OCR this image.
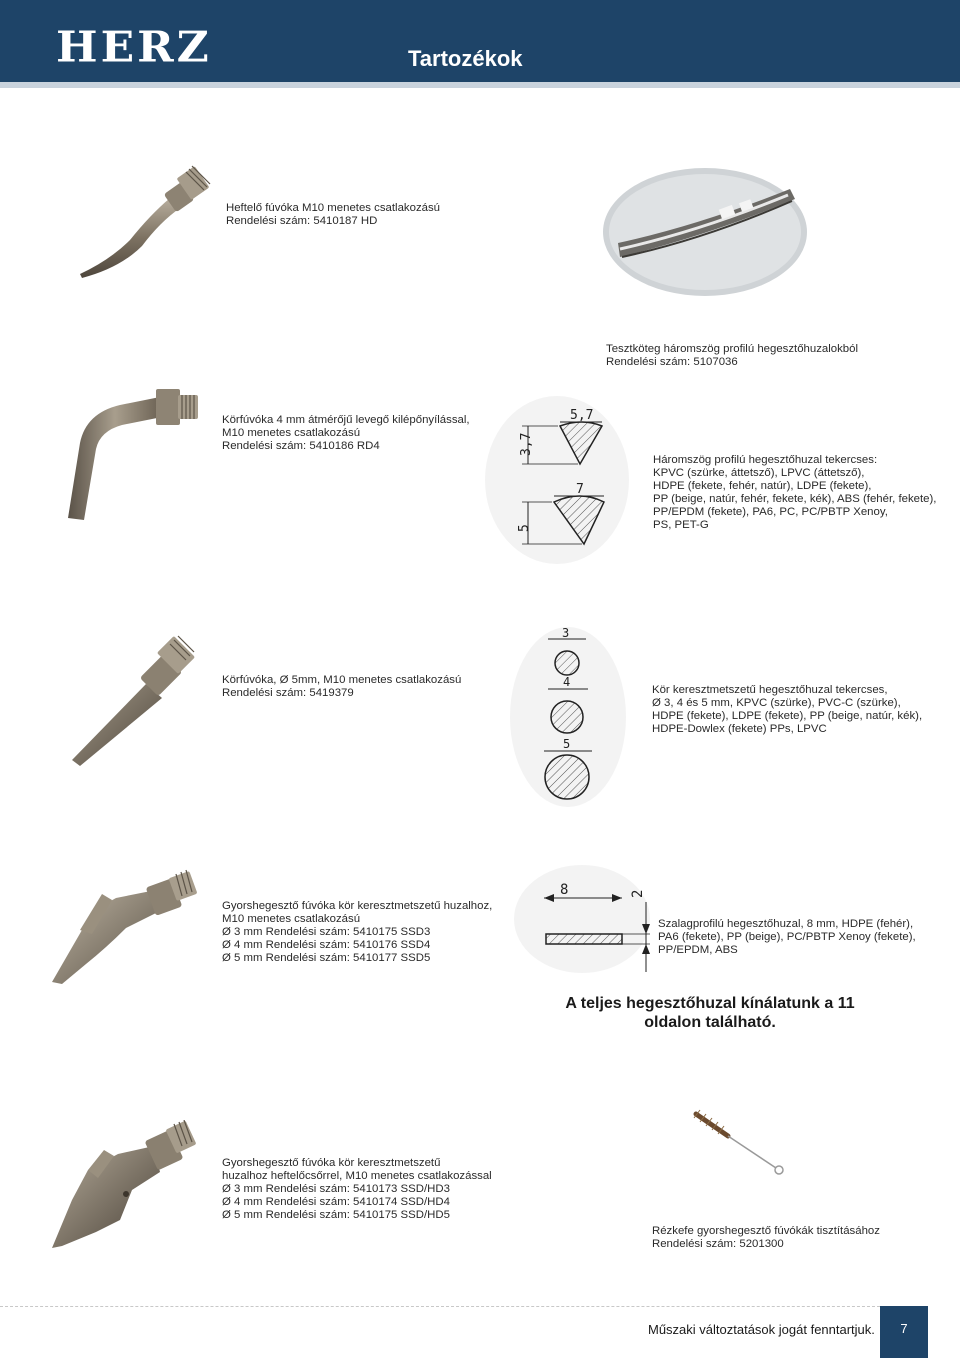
HERZ	Tartozékok

Heftelő fúvóka M10 menetes csatlakozású
Rendelési szám: 5410187 HD

Tesztköteg háromszög profilú hegesztőhuzalokból
Rendelési szám: 5107036

Körfúvóka 4 mm átmérőjű levegő kilépőnyílással,
M10 menetes csatlakozású
Rendelési szám: 5410186 RD4

5,7
3,7
7
5

Háromszög profilú hegesztőhuzal tekercses:
KPVC (szürke, áttetsző), LPVC (áttetsző),
HDPE (fekete, fehér, natúr), LDPE (fekete),
PP (beige, natúr, fehér, fekete, kék), ABS (fehér, fekete),
PP/EPDM (fekete), PA6, PC, PC/PBTP Xenoy,
PS, PET-G

Körfúvóka, Ø 5mm, M10 menetes csatlakozású
Rendelési szám: 5419379

3
4
5

Kör keresztmetszetű hegesztőhuzal tekercses,
Ø 3, 4 és 5 mm, KPVC (szürke), PVC-C (szürke),
HDPE (fekete), LDPE (fekete), PP (beige, natúr, kék),
HDPE-Dowlex (fekete) PPs, LPVC

Gyorshegesztő fúvóka kör keresztmetszetű huzalhoz,
M10 menetes csatlakozású
Ø 3 mm Rendelési szám: 5410175 SSD3
Ø 4 mm Rendelési szám: 5410176 SSD4
Ø 5 mm Rendelési szám: 5410177 SSD5

8	2

Szalagprofilú hegesztőhuzal, 8 mm, HDPE (fehér),
PA6 (fekete), PP (beige), PC/PBTP Xenoy (fekete),
PP/EPDM, ABS

A teljes hegesztőhuzal kínálatunk a 11
oldalon található.

Gyorshegesztő fúvóka kör keresztmetszetű
huzalhoz heftelőcsőrrel, M10 menetes csatlakozással
Ø 3 mm Rendelési szám: 5410173 SSD/HD3
Ø 4 mm Rendelési szám: 5410174 SSD/HD4
Ø 5 mm Rendelési szám: 5410175 SSD/HD5

Rézkefe gyorshegesztő fúvókák tisztításához
Rendelési szám: 5201300

Műszaki változtatások jogát fenntartjuk.	7
